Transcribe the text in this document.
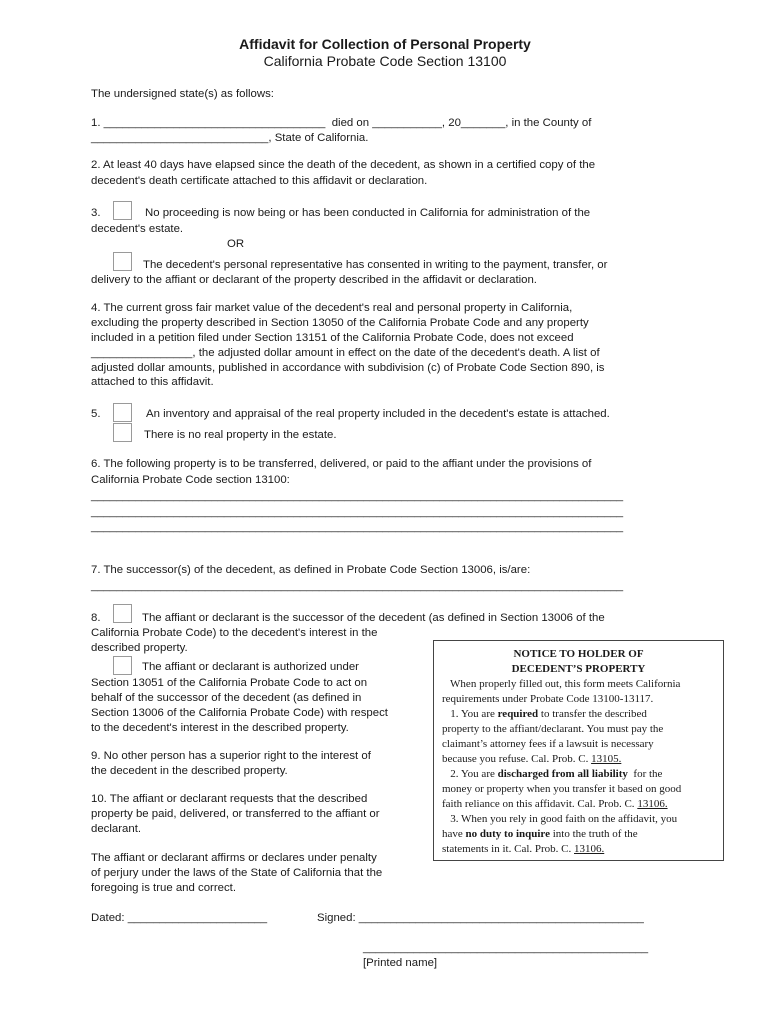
Affidavit for Collection of Personal Property
California Probate Code Section 13100
The undersigned state(s) as follows:
1. ___________________________________  died on ___________, 20_______, in the County of
____________________________, State of California.
2. At least 40 days have elapsed since the death of the decedent, as shown in a certified copy of the
decedent's death certificate attached to this affidavit or declaration.
3.	No proceeding is now being or has been conducted in California for administration of the
decedent's estate.
OR
The decedent's personal representative has consented in writing to the payment, transfer, or
delivery to the affiant or declarant of the property described in the affidavit or declaration.
4. The current gross fair market value of the decedent's real and personal property in California,
excluding the property described in Section 13050 of the California Probate Code and any property
included in a petition filed under Section 13151 of the California Probate Code, does not exceed
________________, the adjusted dollar amount in effect on the date of the decedent's death. A list of
adjusted dollar amounts, published in accordance with subdivision (c) of Probate Code Section 890, is
attached to this affidavit.
5.	An inventory and appraisal of the real property included in the decedent's estate is attached.
There is no real property in the estate.
6. The following property is to be transferred, delivered, or paid to the affiant under the provisions of
California Probate Code section 13100:
____________________________________________________________________________________
____________________________________________________________________________________
____________________________________________________________________________________
7. The successor(s) of the decedent, as defined in Probate Code Section 13006, is/are:
____________________________________________________________________________________
8.	The affiant or declarant is the successor of the decedent (as defined in Section 13006 of the
California Probate Code) to the decedent's interest in the
described property.
The affiant or declarant is authorized under
Section 13051 of the California Probate Code to act on
behalf of the successor of the decedent (as defined in
Section 13006 of the California Probate Code) with respect
to the decedent's interest in the described property.
9. No other person has a superior right to the interest of
the decedent in the described property.
10. The affiant or declarant requests that the described
property be paid, delivered, or transferred to the affiant or
declarant.
The affiant or declarant affirms or declares under penalty
of perjury under the laws of the State of California that the
foregoing is true and correct.
Dated: ______________________	Signed: _____________________________________________
_____________________________________________
[Printed name]
NOTICE TO HOLDER OF
DECEDENT’S PROPERTY
When properly filled out, this form meets California
requirements under Probate Code 13100-13117.
1. You are required to transfer the described
property to the affiant/declarant. You must pay the
claimant’s attorney fees if a lawsuit is necessary
because you refuse. Cal. Prob. C. 13105.
2. You are discharged from all liability  for the
money or property when you transfer it based on good
faith reliance on this affidavit. Cal. Prob. C. 13106.
3. When you rely in good faith on the affidavit, you
have no duty to inquire into the truth of the
statements in it. Cal. Prob. C. 13106.
